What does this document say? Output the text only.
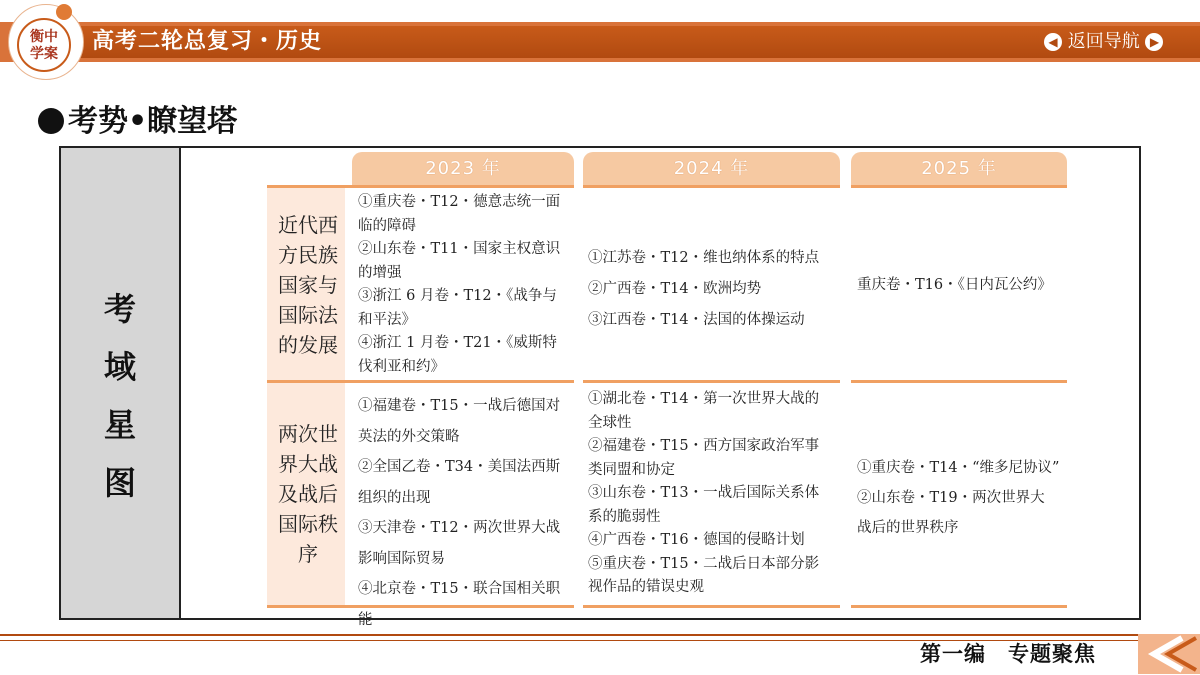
高考二轮总复习・历史
衡中
学案
◀ 返回导航 ▶
考势•瞭望塔
考
域
星
图
2023 年	2024 年	2025 年
近代西
方民族
国家与
国际法
的发展

①重庆卷・T12・德意志统一面

临的障碍

②山东卷・T11・国家主权意识

的增强

③浙江 6 月卷・T12・《战争与

和平法》

④浙江 1 月卷・T21・《威斯特

伐利亚和约》

①江苏卷・T12・维也纳体系的特点

②广西卷・T14・欧洲均势

③江西卷・T14・法国的体操运动

重庆卷・T16・《日内瓦公约》

两次世
界大战
及战后
国际秩
序

①福建卷・T15・一战后德国对

英法的外交策略

②全国乙卷・T34・美国法西斯

组织的出现

③天津卷・T12・两次世界大战

影响国际贸易

④北京卷・T15・联合国相关职能

①湖北卷・T14・第一次世界大战的

全球性

②福建卷・T15・西方国家政治军事

类同盟和协定

③山东卷・T13・一战后国际关系体

系的脆弱性

④广西卷・T16・德国的侵略计划

⑤重庆卷・T15・二战后日本部分影

视作品的错误史观

①重庆卷・T14・“维多尼协议”

②山东卷・T19・两次世界大

战后的世界秩序

第一编　专题聚焦
